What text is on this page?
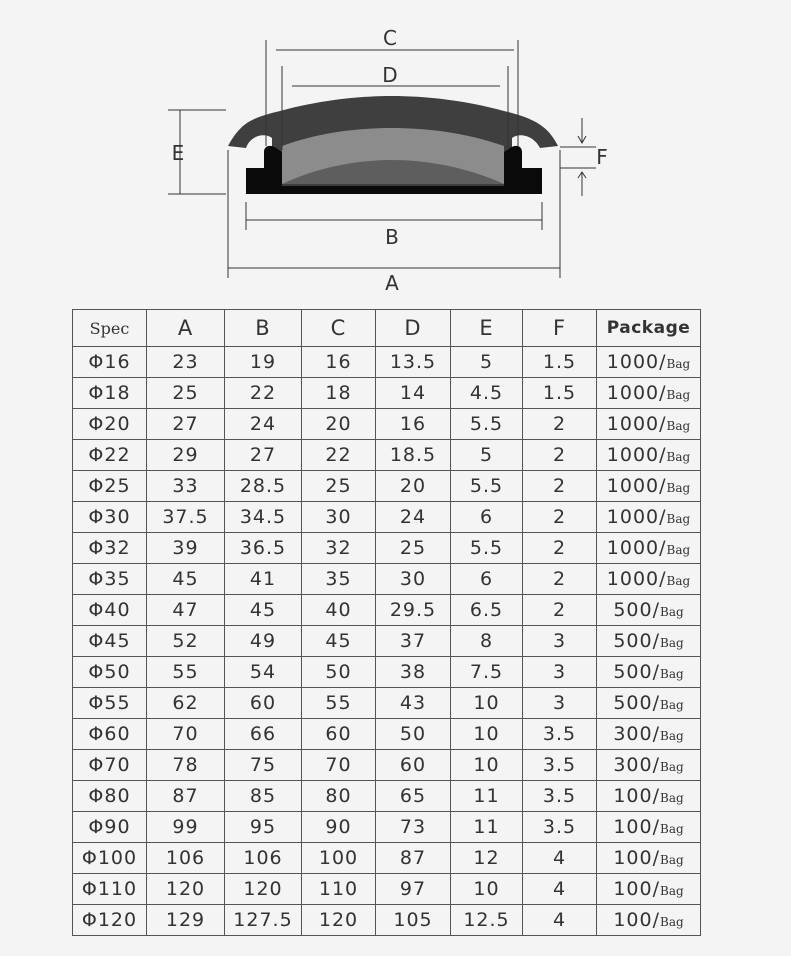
C
D
E	F
B
A
Spec	A	B	C	D	E	F	Package
Φ16	23	19	16	13.5	5	1.5	1000/Bag
Φ18	25	22	18	14	4.5	1.5	1000/Bag
Φ20	27	24	20	16	5.5	2	1000/Bag
Φ22	29	27	22	18.5	5	2	1000/Bag
Φ25	33	28.5	25	20	5.5	2	1000/Bag
Φ30	37.5	34.5	30	24	6	2	1000/Bag
Φ32	39	36.5	32	25	5.5	2	1000/Bag
Φ35	45	41	35	30	6	2	1000/Bag
Φ40	47	45	40	29.5	6.5	2	500/Bag
Φ45	52	49	45	37	8	3	500/Bag
Φ50	55	54	50	38	7.5	3	500/Bag
Φ55	62	60	55	43	10	3	500/Bag
Φ60	70	66	60	50	10	3.5	300/Bag
Φ70	78	75	70	60	10	3.5	300/Bag
Φ80	87	85	80	65	11	3.5	100/Bag
Φ90	99	95	90	73	11	3.5	100/Bag
Φ100	106	106	100	87	12	4	100/Bag
Φ110	120	120	110	97	10	4	100/Bag
Φ120	129	127.5	120	105	12.5	4	100/Bag
